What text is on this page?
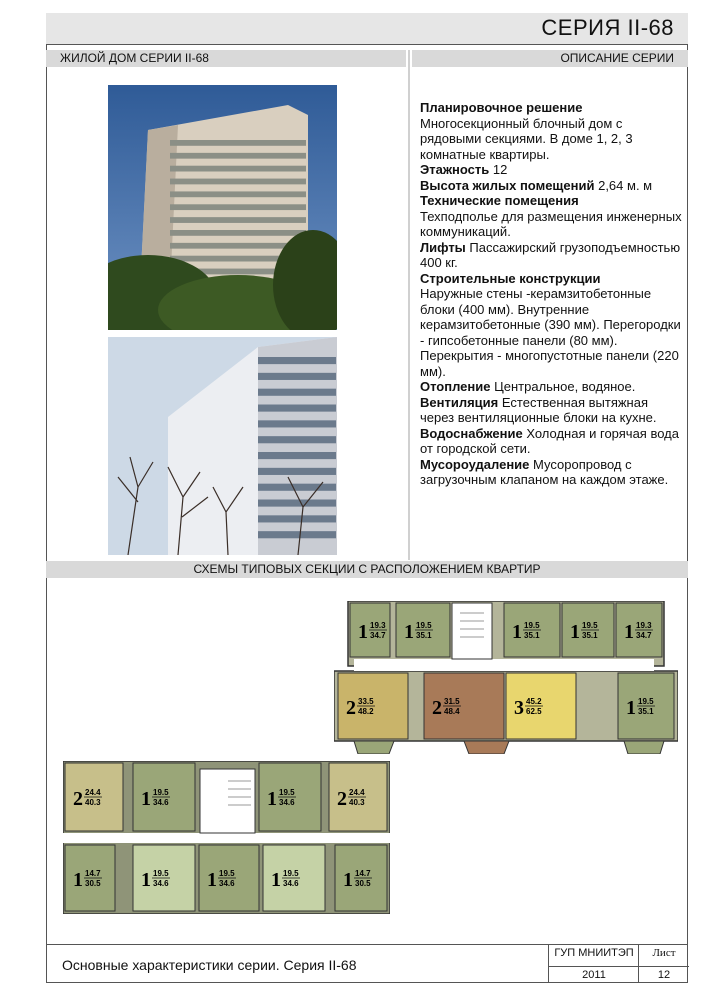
СЕРИЯ II-68
ЖИЛОЙ ДОМ СЕРИИ II-68	ОПИСАНИЕ СЕРИИ

Планировочное решение
Многосекционный блочный дом с рядовыми секциями. В доме 1, 2, 3 комнатные квартиры.

Этажность 12

Высота жилых помещений 2,64 м. м

Технические помещения
Техподполье для размещения инженерных коммуникаций.

Лифты Пассажирский грузоподъемностью 400 кг.

Строительные конструкции
Наружные стены -керамзитобетонные блоки (400 мм). Внутренние керамзитобетонные (390 мм). Перегородки - гипсобетонные панели (80 мм). Перекрытия - многопустотные панели (220 мм).

Отопление Центральное, водяное.

Вентиляция Естественная вытяжная через вентиляционные блоки на кухне.

Водоснабжение Холодная и горячая вода от городской сети.

Мусороудаление Мусоропровод с загрузочным клапаном на каждом этаже.

СХЕМЫ ТИПОВЫХ СЕКЦИИ С РАСПОЛОЖЕНИЕМ КВАРТИР
1 19.3
34.7 1 19.5
35.1	1 19.5
35.1 1 19.5
35.1 1 19.3
34.7
2 33.5
48.2	2 31.5
48.4	3 45.2
62.5	1 19.5
35.1
2 24.4
40.3 1 19.5
34.6	1 19.5
34.6 2 24.4
40.3
1 14.7
30.5 1 19.5
34.6 1 19.5
34.6 1 19.5
34.6 1 14.7
30.5
Основные характеристики серии. Серия II-68
ГУП МНИИТЭП
2011
Лист
12
